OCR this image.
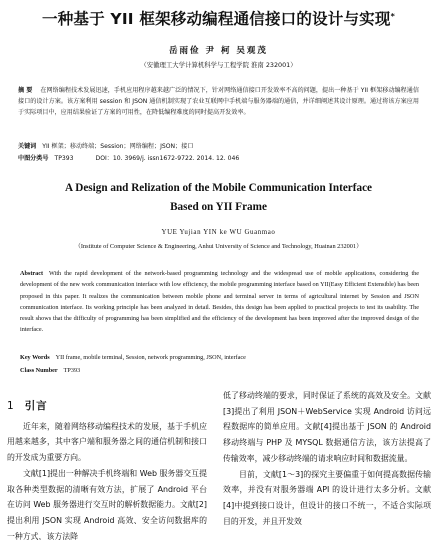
一种基于 YII 框架移动编程通信接口的设计与实现*
岳雨俭 尹 柯 吴观茂
（安徽理工大学计算机科学与工程学院 淮南 232001）
摘 要 在网络编程技术发展迅速，手机应用程序越来越广泛的情况下，针对网络通信接口开发效率不高的问题，提出一种基于 YII 框架移动编程通信接口的设计方案。该方案利用 session 和 JSON 通信机制实现了农业互联网中手机端与服务器端的通信，并详细阐述其设计原理。通过将该方案应用于实际项目中，应用结果验证了方案的可用性，在降低编程难度的同时提高开发效率。
关键词 YII 框架；移动终端；Session；网络编程；JSON；接口
中图分类号 TP393	DOI：10. 3969/j. issn1672-9722. 2014. 12. 046
A Design and Relization of the Mobile Communication Interface
Based on YII Frame
YUE Yujian YIN ke WU Guanmao
（Institute of Computer Science & Engineering, Anhui University of Science and Technology, Huainan 232001）
Abstract With the rapid development of the network-based programming technology and the widespread use of mobile applications, considering the development of the new work communication interface with low efficiency, the mobile programming interface based on YII(Easy Efficient Extensible) has been proposed in this paper. It realizes the communication between mobile phone and terminal server in terms of agricultural internet by Session and JSON communication interface. Its working principle has been analyzed in detail. Besides, this design has been applied to practical projects to test its usability. The result shows that the difficulty of programming has been simplified and the efficiency of the development has been improved after the improved design of the interface.
Key Words YII frame, mobile terminal, Session, network programming, JSON, interface
Class Number TP393
1 引言

近年来，随着网络移动编程技术的发展，基于手机应用越来越多，其中客户端和服务器之间的通信机制和接口的开发成为重要方向。

文献[1]提出一种解决手机终端和 Web 服务器交互提取各种类型数据的清晰有效方法，扩展了 Android 平台在访问 Web 服务器进行交互时的解析数据能力。文献[2]提出利用 JSON 实现 Android 高效、安全访问数据库的一种方式，该方法降

低了移动终端的要求，同时保证了系统的高效及安全。文献[3]提出了利用 JSON＋WebService 实现 Android 访问远程数据库的简单应用。文献[4]提出基于 JSON 的 Android 移动终端与 PHP 及 MYSQL 数据通信方法，该方法提高了传输效率，减少移动终端的请求响应时间和数据流量。

目前，文献[1～3]的探究主要偏重于如何提高数据传输效率，并没有对服务器端 API 的设计进行太多分析。文献[4]中提到接口设计，但设计的接口不统一，不适合实际项目的开发，并且开发效
